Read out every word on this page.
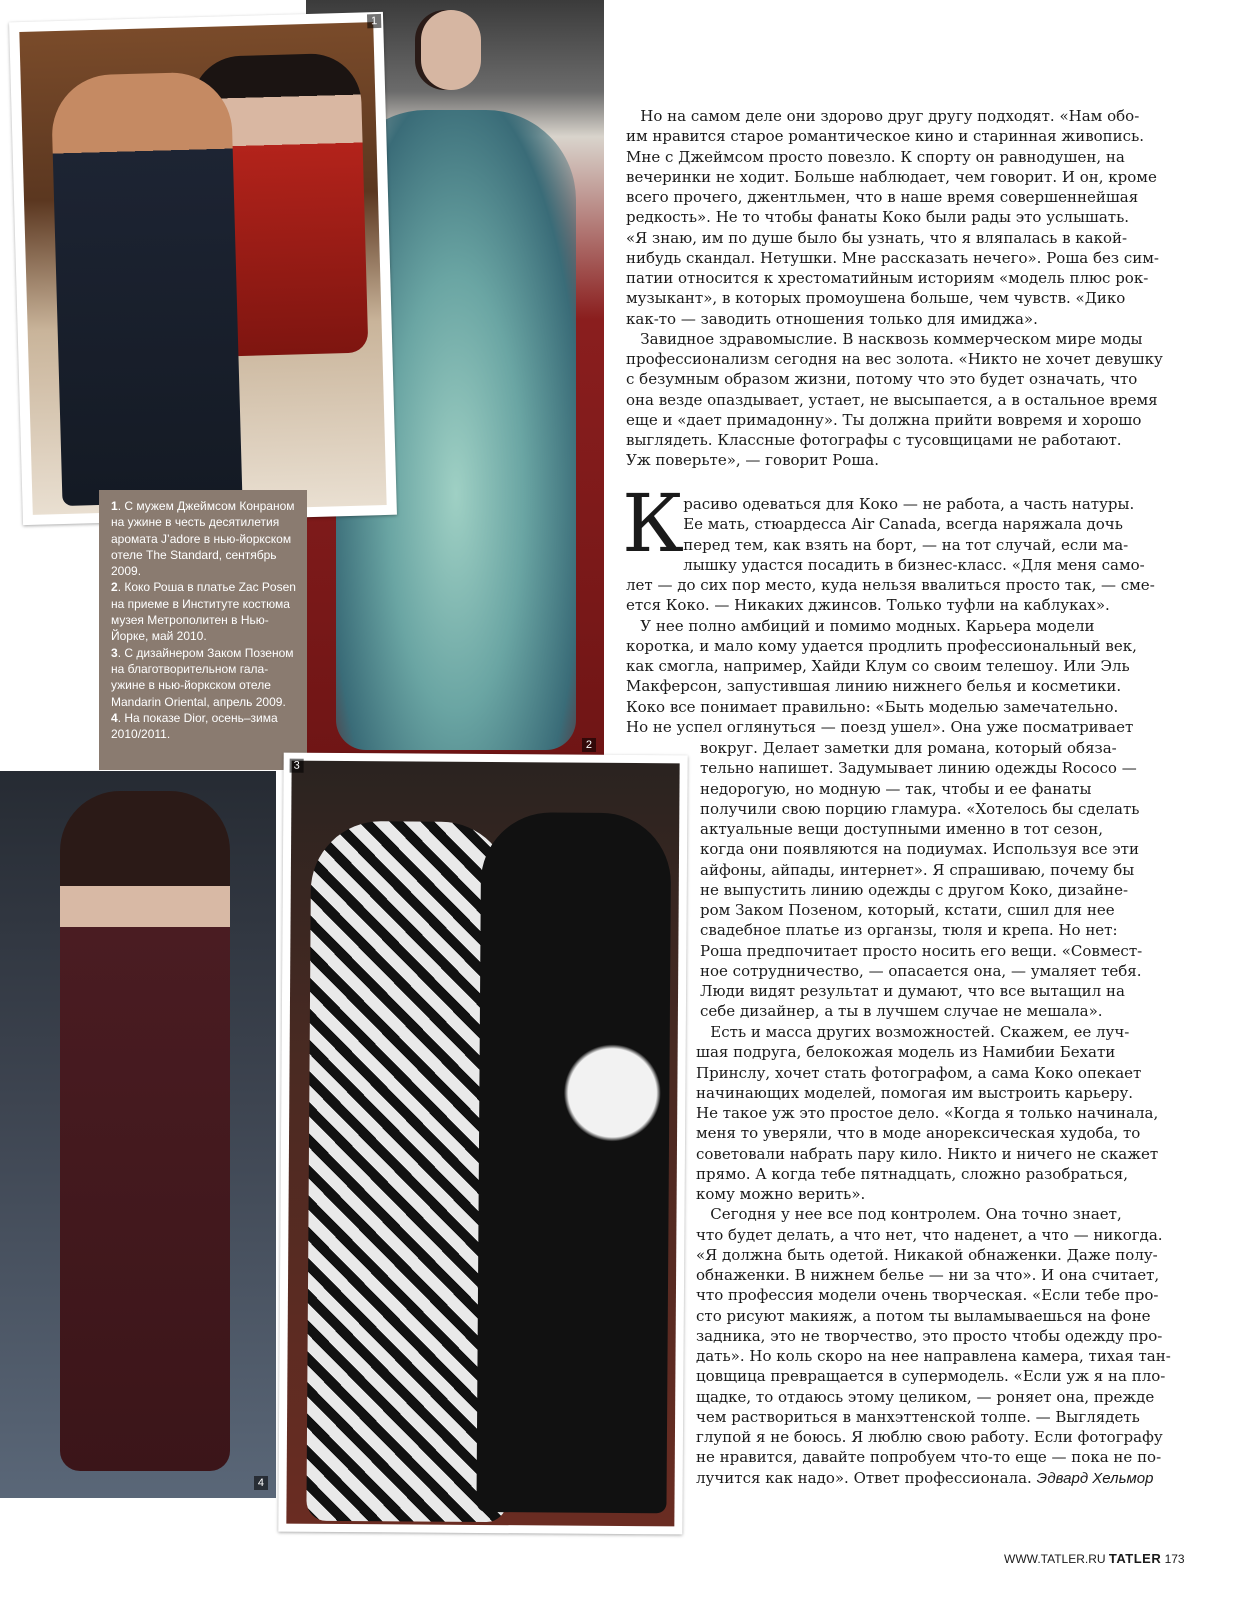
2
1

1. С мужем Джеймсом Конраном на ужине в честь десятилетия аромата J’adore в нью-йоркском отеле The Standard, сентябрь 2009.

2. Коко Роша в платье Zac Posen на приеме в Институте костюма музея Метрополитен в Нью-Йорке, май 2010.

3. С дизайнером Заком Позеном на благотворительном гала-ужине в нью-йоркском отеле Mandarin Oriental, апрель 2009.

4. На показе Dior, осень–зима 2010/2011.

4
3
Но на самом деле они здорово друг другу подходят. «Нам обо-
им нравится старое романтическое кино и старинная живопись.
Мне с Джеймсом просто повезло. К спорту он равнодушен, на
вечеринки не ходит. Больше наблюдает, чем говорит. И он, кроме
всего прочего, джентльмен, что в наше время совершеннейшая
редкость». Не то чтобы фанаты Коко были рады это услышать.
«Я знаю, им по душе было бы узнать, что я вляпалась в какой-
нибудь скандал. Нетушки. Мне рассказать нечего». Роша без сим-
патии относится к хрестоматийным историям «модель плюс рок-
музыкант», в которых промоушена больше, чем чувств. «Дико
как-то — заводить отношения только для имиджа».
Завидное здравомыслие. В насквозь коммерческом мире моды
профессионализм сегодня на вес золота. «Никто не хочет девушку
с безумным образом жизни, потому что это будет означать, что
она везде опаздывает, устает, не высыпается, а в остальное время
еще и «дает примадонну». Ты должна прийти вовремя и хорошо
выглядеть. Классные фотографы с тусовщицами не работают.
Уж поверьте», — говорит Роша.
К
расиво одеваться для Коко — не работа, а часть натуры.
Ее мать, стюардесса Air Canada, всегда наряжала дочь
перед тем, как взять на борт, — на тот случай, если ма-
лышку удастся посадить в бизнес-класс. «Для меня само-
лет — до сих пор место, куда нельзя ввалиться просто так, — сме-
ется Коко. — Никаких джинсов. Только туфли на каблуках».
У нее полно амбиций и помимо модных. Карьера модели
коротка, и мало кому удается продлить профессиональный век,
как смогла, например, Хайди Клум со своим телешоу. Или Эль
Макферсон, запустившая линию нижнего белья и косметики.
Коко все понимает правильно: «Быть моделью замечательно.
Но не успел оглянуться — поезд ушел». Она уже посматривает
вокруг. Делает заметки для романа, который обяза-
тельно напишет. Задумывает линию одежды Rococo —
недорогую, но модную — так, чтобы и ее фанаты
получили свою порцию гламура. «Хотелось бы сделать
актуальные вещи доступными именно в тот сезон,
когда они появляются на подиумах. Используя все эти
айфоны, айпады, интернет». Я спрашиваю, почему бы
не выпустить линию одежды с другом Коко, дизайне-
ром Заком Позеном, который, кстати, сшил для нее
свадебное платье из органзы, тюля и крепа. Но нет:
Роша предпочитает просто носить его вещи. «Совмест-
ное сотрудничество, — опасается она, — умаляет тебя.
Люди видят результат и думают, что все вытащил на
себе дизайнер, а ты в лучшем случае не мешала».
Есть и масса других возможностей. Скажем, ее луч-
шая подруга, белокожая модель из Намибии Бехати
Принслу, хочет стать фотографом, а сама Коко опекает
начинающих моделей, помогая им выстроить карьеру.
Не такое уж это простое дело. «Когда я только начинала,
меня то уверяли, что в моде анорексическая худоба, то
советовали набрать пару кило. Никто и ничего не скажет
прямо. А когда тебе пятнадцать, сложно разобраться,
кому можно верить».
Сегодня у нее все под контролем. Она точно знает,
что будет делать, а что нет, что наденет, а что — никогда.
«Я должна быть одетой. Никакой обнаженки. Даже полу-
обнаженки. В нижнем белье — ни за что». И она считает,
что профессия модели очень творческая. «Если тебе про-
сто рисуют макияж, а потом ты выламываешься на фоне
задника, это не творчество, это просто чтобы одежду про-
дать». Но коль скоро на нее направлена камера, тихая тан-
цовщица превращается в супермодель. «Если уж я на пло-
щадке, то отдаюсь этому целиком, — роняет она, прежде
чем раствориться в манхэттенской толпе. — Выглядеть
глупой я не боюсь. Я люблю свою работу. Если фотографу
не нравится, давайте попробуем что-то еще — пока не по-
лучится как надо». Ответ профессионала. Эдвард Хельмор
WWW.TATLER.RU TATLER 173
